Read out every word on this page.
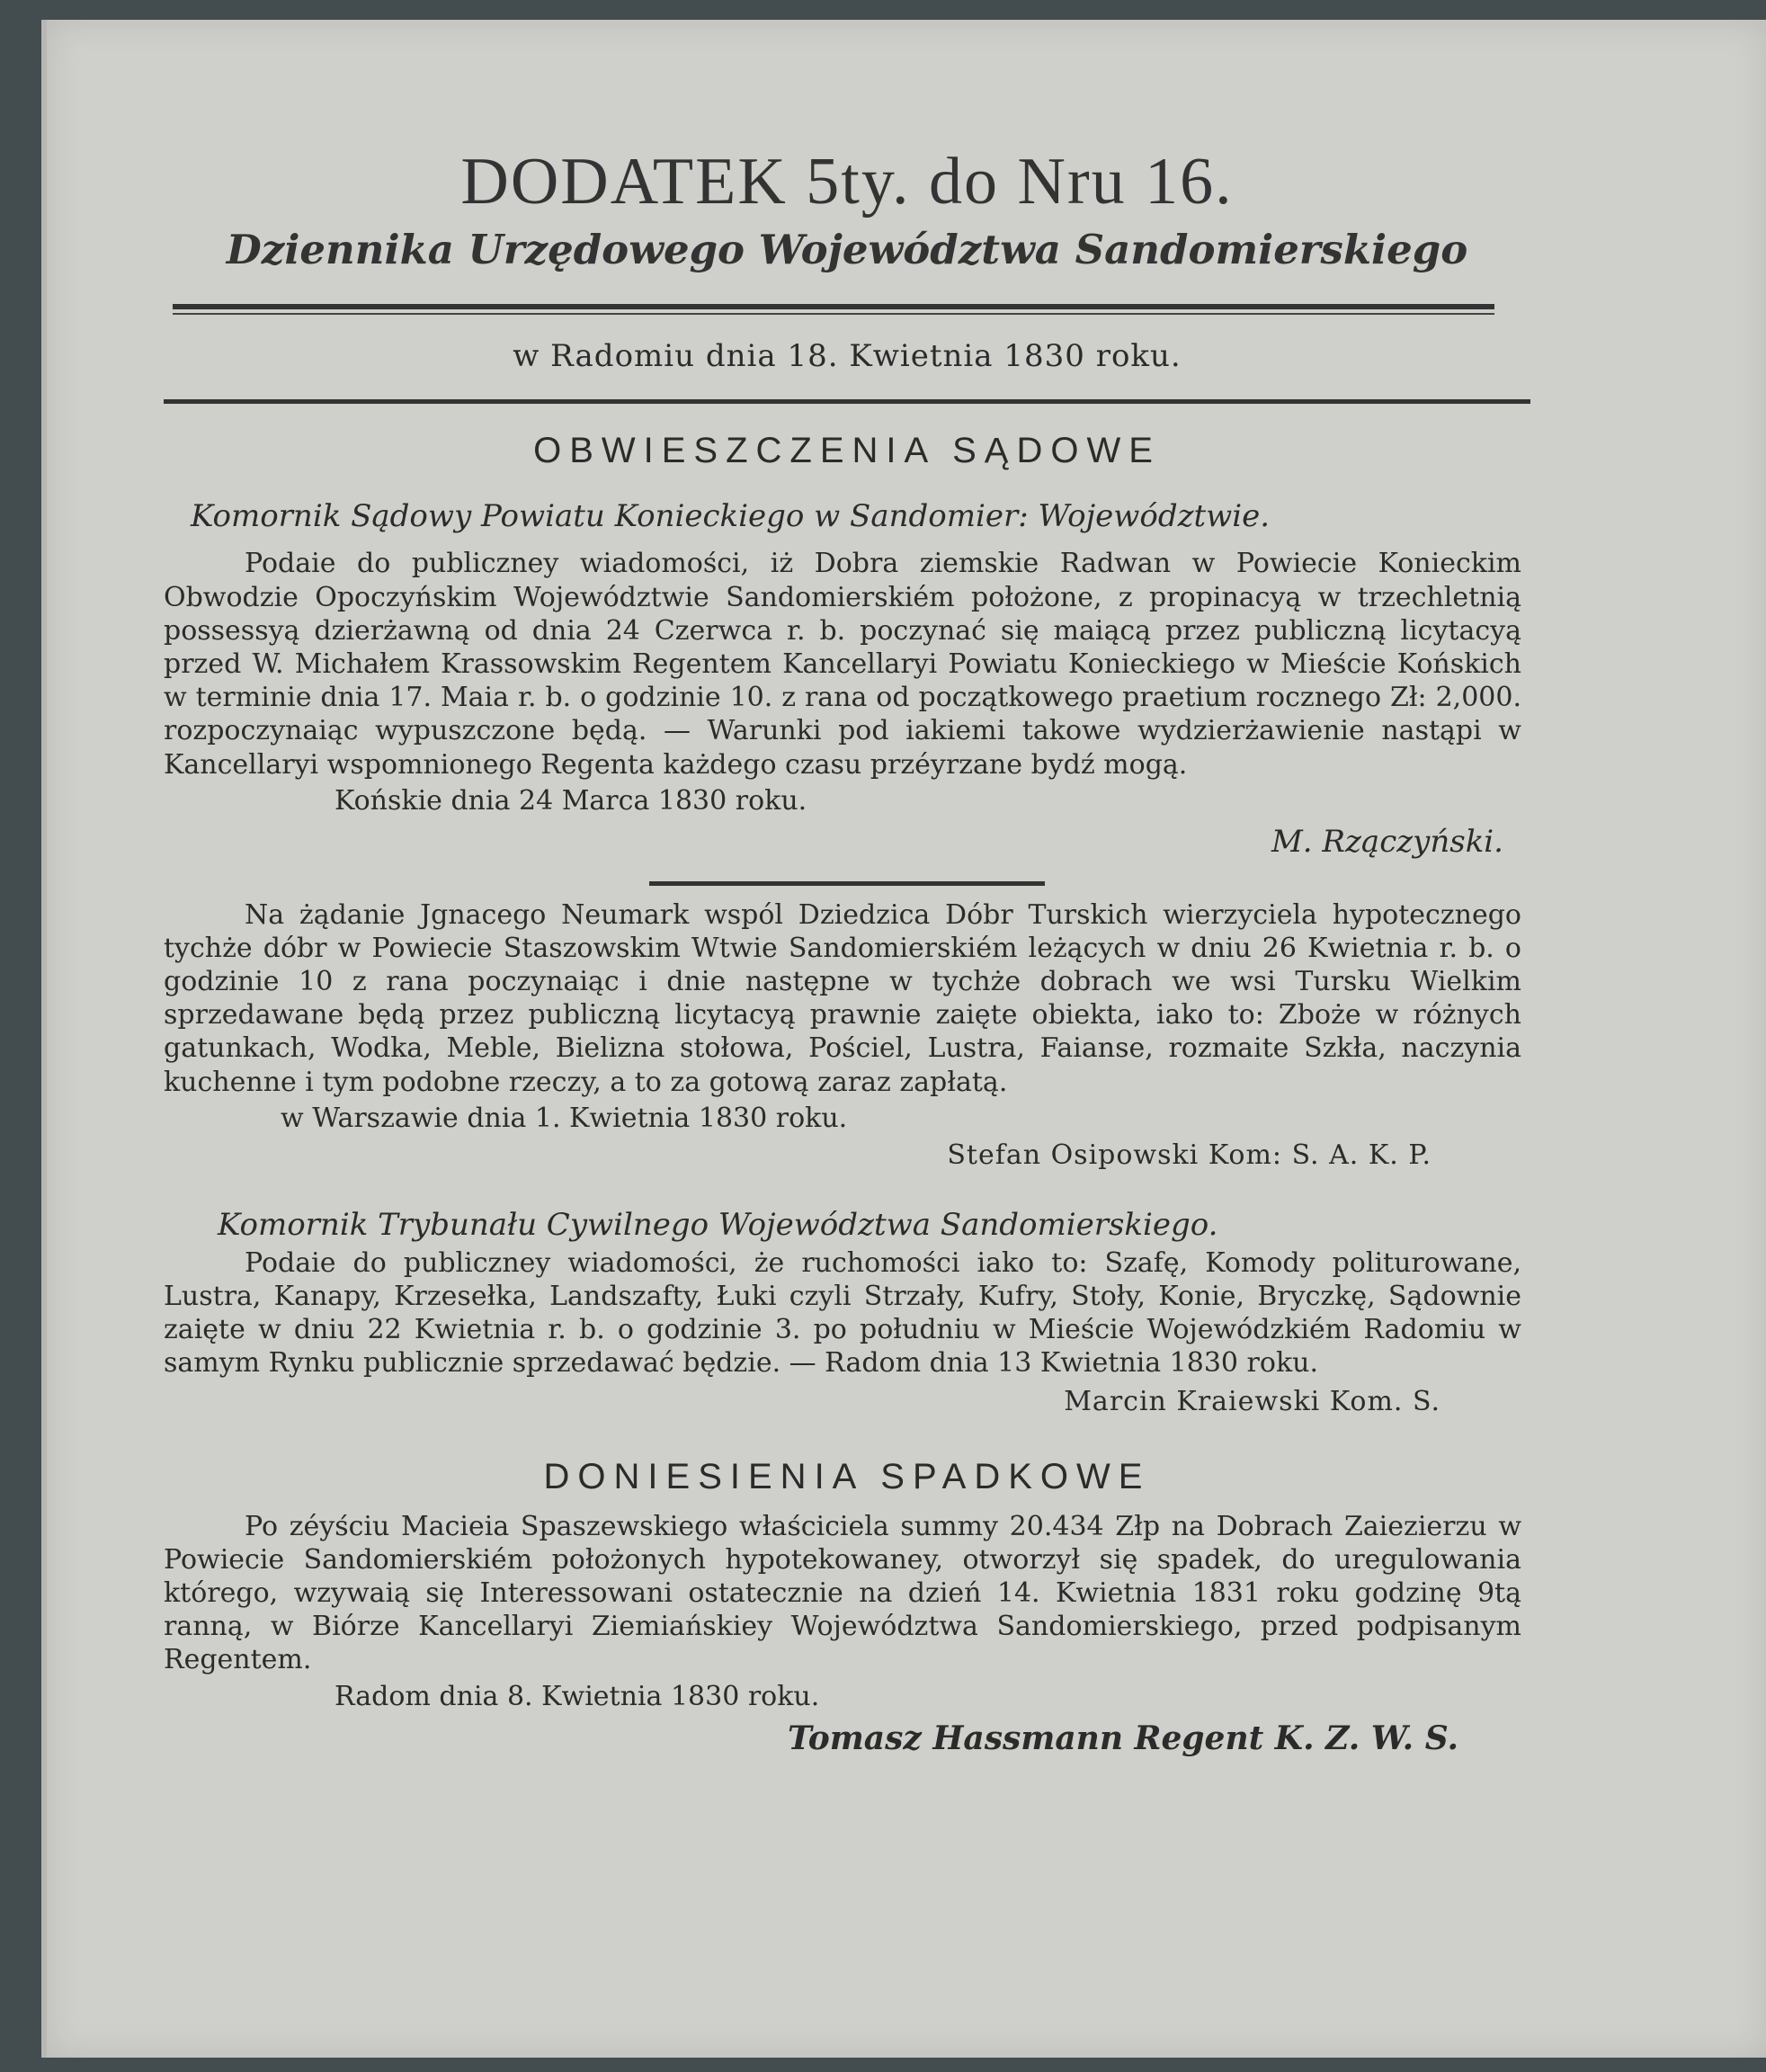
DODATEK 5ty. do Nru 16.
Dziennika Urzędowego Województwa Sandomierskiego
w Radomiu dnia 18. Kwietnia 1830 roku.
OBWIESZCZENIA SĄDOWE
Komornik Sądowy Powiatu Konieckiego w Sandomier: Województwie.
Podaie do publiczney wiadomości, iż Dobra ziemskie Radwan w Powiecie Konieckim Obwodzie Opoczyńskim Województwie Sandomierskiém położone, z propinacyą w trzechletnią possessyą dzierżawną od dnia 24 Czerwca r. b. poczynać się maiącą przez publiczną licytacyą przed W. Michałem Krassowskim Regentem Kancellaryi Powiatu Konieckiego w Mieście Końskich w terminie dnia 17. Maia r. b. o godzinie 10. z rana od początkowego praetium rocznego Zł: 2,000. rozpoczynaiąc wypuszczone będą. — Warunki pod iakiemi takowe wydzierżawienie nastąpi w Kancellaryi wspomnionego Regenta każdego czasu przéyrzane bydź mogą.
Końskie dnia 24 Marca 1830 roku.
M. Rzączyński.
Na żądanie Jgnacego Neumark wspól Dziedzica Dóbr Turskich wierzyciela hypotecznego tychże dóbr w Powiecie Staszowskim Wtwie Sandomierskiém leżących w dniu 26 Kwietnia r. b. o godzinie 10 z rana poczynaiąc i dnie następne w tychże dobrach we wsi Tursku Wielkim sprzedawane będą przez publiczną licytacyą prawnie zaięte obiekta, iako to: Zboże w różnych gatunkach, Wodka, Meble, Bielizna stołowa, Pościel, Lustra, Faianse, rozmaite Szkła, naczynia kuchenne i tym podobne rzeczy, a to za gotową zaraz zapłatą.
w Warszawie dnia 1. Kwietnia 1830 roku.
Stefan Osipowski Kom: S. A. K. P.
Komornik Trybunału Cywilnego Województwa Sandomierskiego.
Podaie do publiczney wiadomości, że ruchomości iako to: Szafę, Komody politurowane, Lustra, Kanapy, Krzesełka, Landszafty, Łuki czyli Strzały, Kufry, Stoły, Konie, Bryczkę, Sądownie zaięte w dniu 22 Kwietnia r. b. o godzinie 3. po południu w Mieście Wojewódzkiém Radomiu w samym Rynku publicznie sprzedawać będzie. — Radom dnia 13 Kwietnia 1830 roku.
Marcin Kraiewski Kom. S.
DONIESIENIA SPADKOWE
Po zéyściu Macieia Spaszewskiego właściciela summy 20.434 Złp na Dobrach Zaiezierzu w Powiecie Sandomierskiém położonych hypotekowaney, otworzył się spadek, do uregulowania którego, wzywaią się Interessowani ostatecznie na dzień 14. Kwietnia 1831 roku godzinę 9tą ranną, w Biórze Kancellaryi Ziemiańskiey Województwa Sandomierskiego, przed podpisanym Regentem.
Radom dnia 8. Kwietnia 1830 roku.
Tomasz Hassmann Regent K. Z. W. S.
